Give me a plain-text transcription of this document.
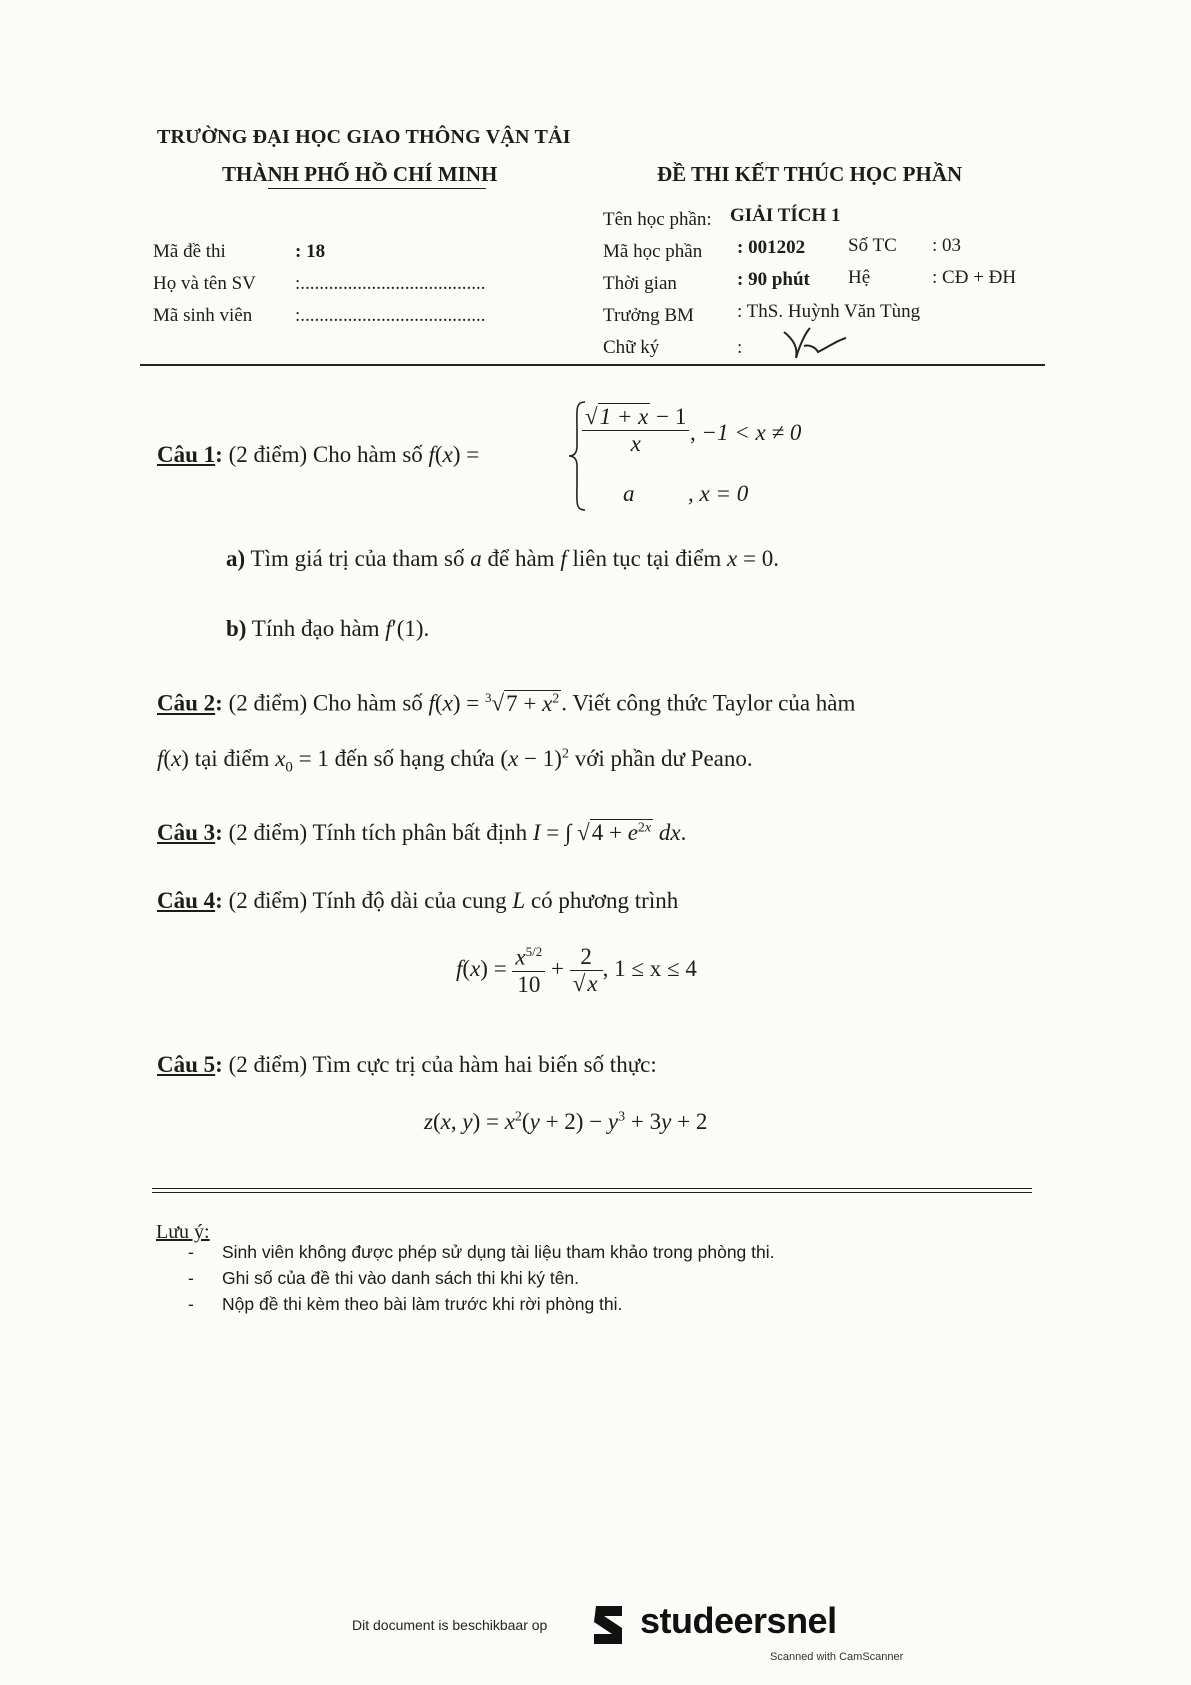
TRƯỜNG ĐẠI HỌC GIAO THÔNG VẬN TẢI
THÀNH PHỐ HỒ CHÍ MINH	ĐỀ THI KẾT THÚC HỌC PHẦN
Mã đề thi	: 18
Họ và tên SV :.......................................
Mã sinh viên :.......................................
Tên học phần: GIẢI TÍCH 1
Mã học phần : 001202 Số TC : 03
Thời gian	: 90 phút Hệ	: CĐ + ĐH
Trưởng BM : ThS. Huỳnh Văn Tùng
Chữ ký	:
Câu 1: (2 điểm) Cho hàm số f(x) =	$\frac{√1 + x - 1}{x}$ , −1 < x ≠ 0
a , x = 0
a) Tìm giá trị của tham số a để hàm f liên tục tại điểm x = 0.
b) Tính đạo hàm f′(1).
Câu 2: (2 điểm) Cho hàm số $f(x) = ^3√7 + x^2$. Viết công thức Taylor của hàm
f(x) tại điểm $x_0 = 1$ đến số hạng chứa $(x - 1)^2$ với phần dư Peano.
Câu 3: (2 điểm) Tính tích phân bất định I = ∫ $√4 + e^{2x}$ dx.
Câu 4: (2 điểm) Tính độ dài của cung L có phương trình
$f(x) = \frac{x^{5/2}}{10} + \frac{2}{√x}$ , 1 ≤ x ≤ 4
Câu 5: (2 điểm) Tìm cực trị của hàm hai biến số thực:
z(x, $y) = x^2(y + 2) - y^3 + 3y + 2$
Lưu ý:
- Sinh viên không được phép sử dụng tài liệu tham khảo trong phòng thi.
- Ghi số của đề thi vào danh sách thi khi ký tên.
- Nộp đề thi kèm theo bài làm trước khi rời phòng thi.
Dit document is beschikbaar op	studeersnel
Scanned with CamScanner
